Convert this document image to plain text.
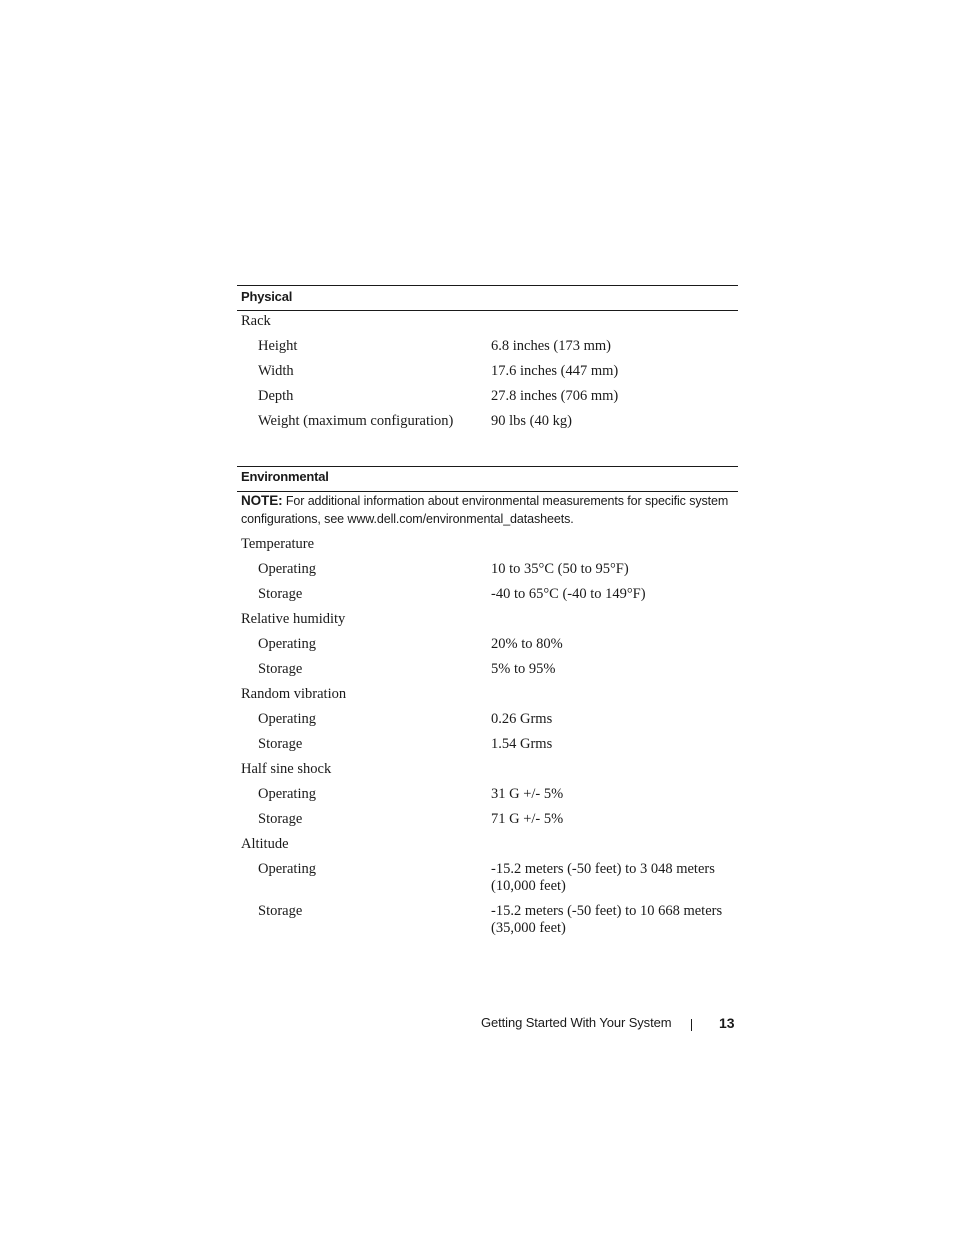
Physical
Rack
Height	6.8 inches (173 mm)
Width	17.6 inches (447 mm)
Depth	27.8 inches (706 mm)
Weight (maximum configuration)	90 lbs (40 kg)
Environmental
NOTE: For additional information about environmental measurements for specific system configurations, see www.dell.com/environmental_datasheets.
Temperature
Operating	10 to 35°C (50 to 95°F)
Storage	-40 to 65°C (-40 to 149°F)
Relative humidity
Operating	20% to 80%
Storage	5% to 95%
Random vibration
Operating	0.26 Grms
Storage	1.54 Grms
Half sine shock
Operating	31 G +/- 5%
Storage	71 G +/- 5%
Altitude
Operating	-15.2 meters (-50 feet) to 3 048 meters (10,000 feet)
Storage	-15.2 meters (-50 feet) to 10 668 meters (35,000 feet)
Getting Started With Your System	13
